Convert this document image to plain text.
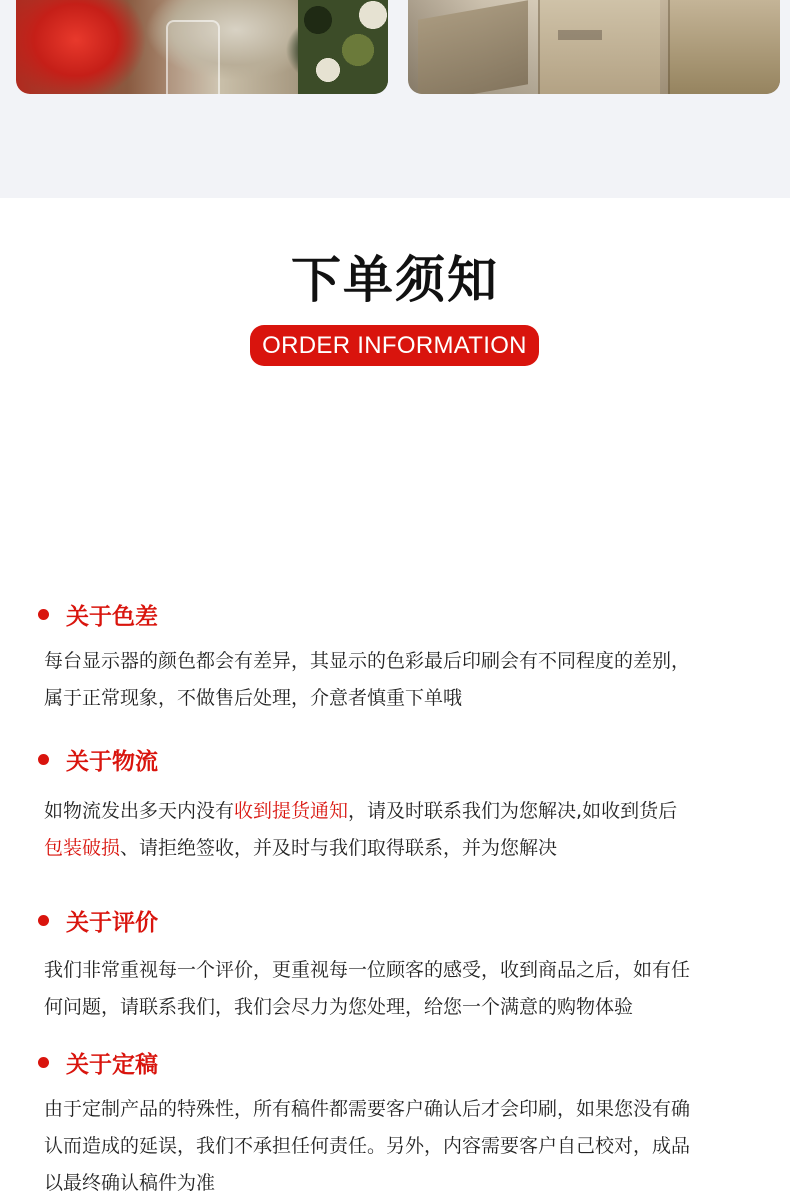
下单须知
ORDER INFORMATION
关于色差
每台显示器的颜色都会有差异，其显示的色彩最后印刷会有不同程度的差别，
属于正常现象，不做售后处理，介意者慎重下单哦
关于物流
如物流发出多天内没有收到提货通知，请及时联系我们为您解决,如收到货后
包装破损、请拒绝签收，并及时与我们取得联系，并为您解决
关于评价
我们非常重视每一个评价，更重视每一位顾客的感受，收到商品之后，如有任
何问题，请联系我们，我们会尽力为您处理，给您一个满意的购物体验
关于定稿
由于定制产品的特殊性，所有稿件都需要客户确认后才会印刷，如果您没有确
认而造成的延误，我们不承担任何责任。另外，内容需要客户自己校对，成品
以最终确认稿件为准
